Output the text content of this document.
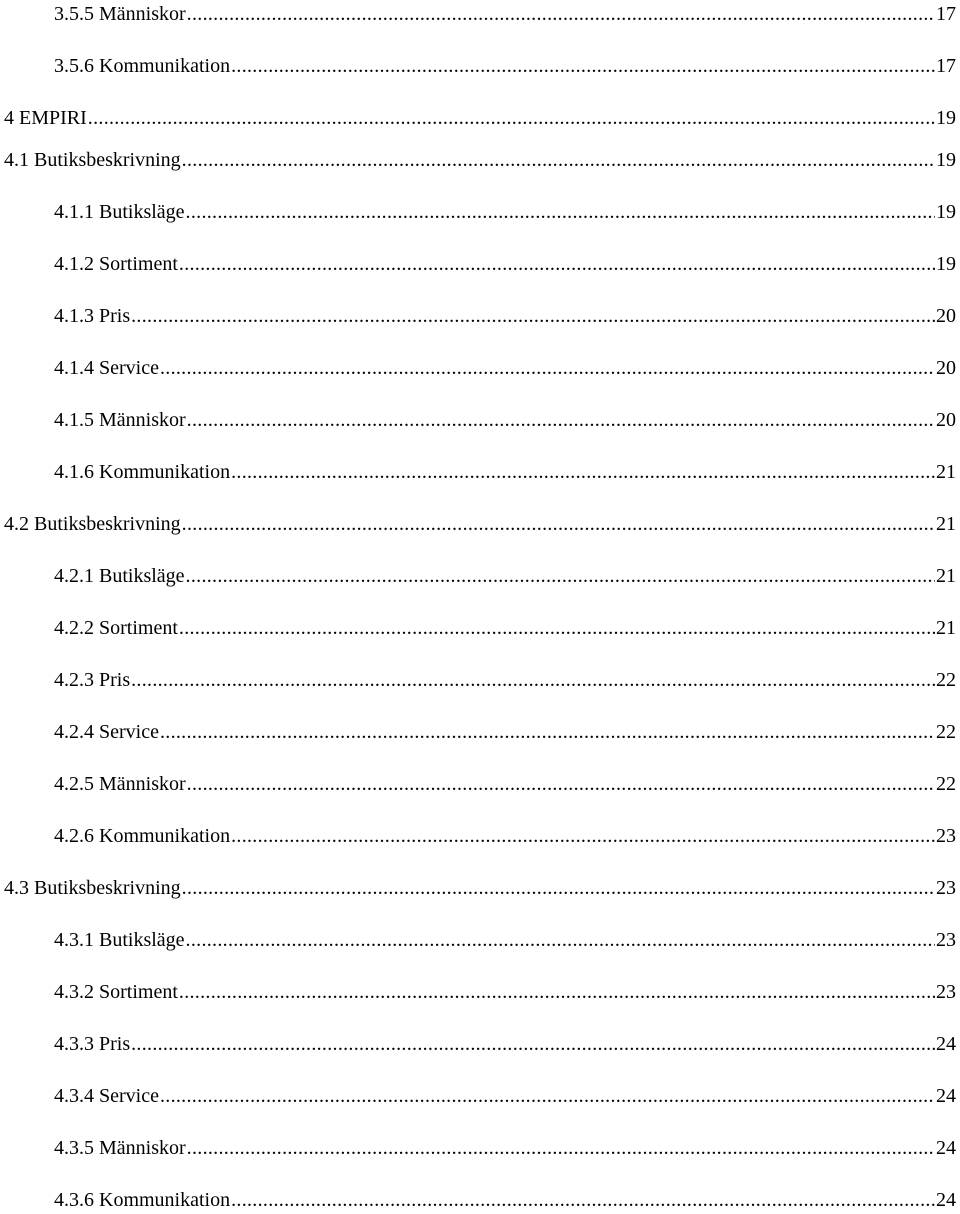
3.5.5 Människor .....	17
3.5.6 Kommunikation .....	17
4 EMPIRI .....	19
4.1 Butiksbeskrivning .....	19
4.1.1 Butiksläge .....	19
4.1.2 Sortiment .....	19
4.1.3 Pris .....	20
4.1.4 Service .....	20
4.1.5 Människor .....	20
4.1.6 Kommunikation .....	21
4.2 Butiksbeskrivning .....	21
4.2.1 Butiksläge .....	21
4.2.2 Sortiment .....	21
4.2.3 Pris .....	22
4.2.4 Service .....	22
4.2.5 Människor .....	22
4.2.6 Kommunikation .....	23
4.3 Butiksbeskrivning .....	23
4.3.1 Butiksläge .....	23
4.3.2 Sortiment .....	23
4.3.3 Pris .....	24
4.3.4 Service .....	24
4.3.5 Människor .....	24
4.3.6 Kommunikation .....	24
